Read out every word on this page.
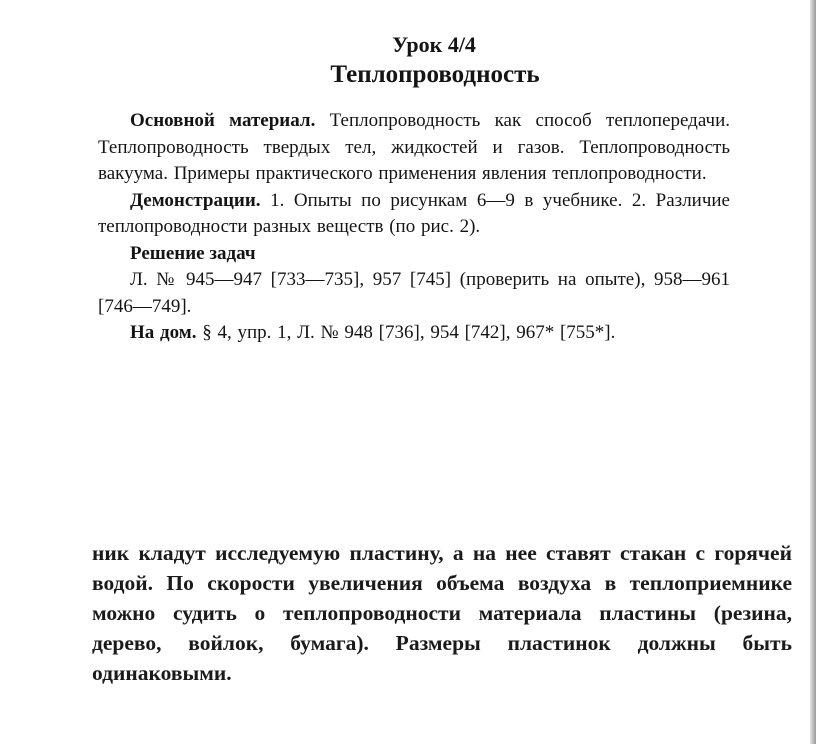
Урок 4/4
Теплопроводность

Основной материал. Теплопроводность как способ теплопередачи. Теплопроводность твердых тел, жидкостей и газов. Теплопроводность вакуума. Примеры практического применения явления теплопроводности.

Демонстрации. 1. Опыты по рисункам 6—9 в учебнике. 2. Различие теплопроводности разных веществ (по рис. 2).

Решение задач

Л. № 945—947 [733—735], 957 [745] (проверить на опыте), 958—961 [746—749].

На дом. § 4, упр. 1, Л. № 948 [736], 954 [742], 967* [755*].

ник кладут исследуемую пластину, а на нее ставят стакан с горячей водой. По скорости увеличения объема воздуха в теплоприемнике можно судить о теплопроводности материала пластины (резина, дерево, войлок, бумага). Размеры пластинок должны быть одинаковыми.
